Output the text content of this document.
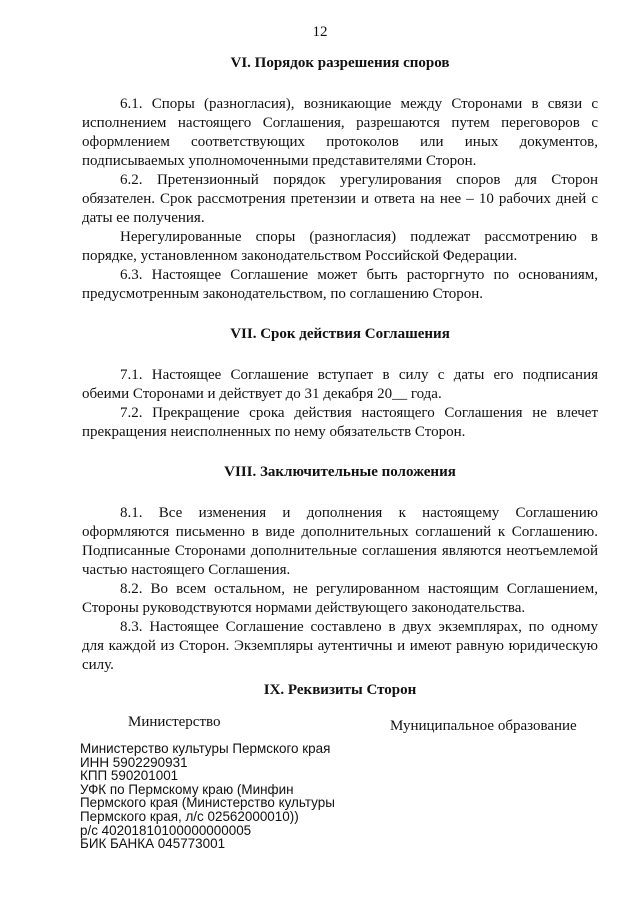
12

VI. Порядок разрешения споров

6.1. Споры (разногласия), возникающие между Сторонами в связи с исполнением настоящего Соглашения, разрешаются путем переговоров с оформлением соответствующих протоколов или иных документов, подписываемых уполномоченными представителями Сторон.

6.2. Претензионный порядок урегулирования споров для Сторон обязателен. Срок рассмотрения претензии и ответа на нее – 10 рабочих дней с даты ее получения.

Нерегулированные споры (разногласия) подлежат рассмотрению в порядке, установленном законодательством Российской Федерации.

6.3. Настоящее Соглашение может быть расторгнуто по основаниям, предусмотренным законодательством, по соглашению Сторон.

VII. Срок действия Соглашения

7.1. Настоящее Соглашение вступает в силу с даты его подписания обеими Сторонами и действует до 31 декабря 20__ года.

7.2. Прекращение срока действия настоящего Соглашения не влечет прекращения неисполненных по нему обязательств Сторон.

VIII. Заключительные положения

8.1. Все изменения и дополнения к настоящему Соглашению оформляются письменно в виде дополнительных соглашений к Соглашению. Подписанные Сторонами дополнительные соглашения являются неотъемлемой частью настоящего Соглашения.

8.2. Во всем остальном, не регулированном настоящим Соглашением, Стороны руководствуются нормами действующего законодательства.

8.3. Настоящее Соглашение составлено в двух экземплярах, по одному для каждой из Сторон. Экземпляры аутентичны и имеют равную юридическую силу.

IX. Реквизиты Сторон

Министерство	Муниципальное образование
Министерство культуры Пермского края
ИНН 5902290931
КПП 590201001
УФК по Пермскому краю (Минфин
Пермского края (Министерство культуры
Пермского края, л/с 02562000010))
р/с 40201810100000000005
БИК БАНКА 045773001
